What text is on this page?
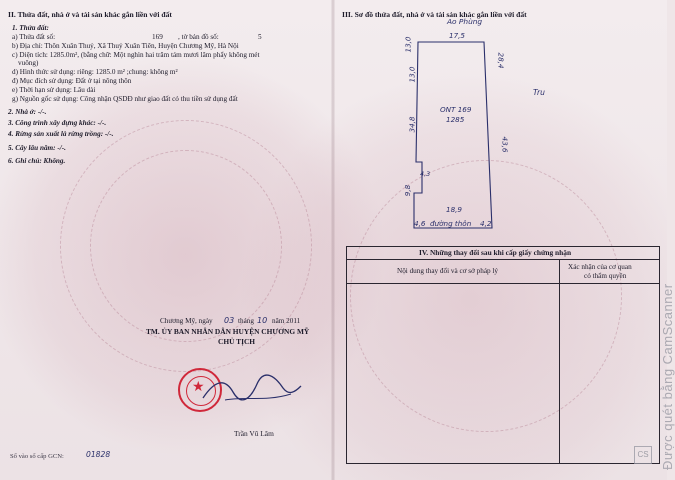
II. Thửa đất, nhà ở và tài sản khác gắn liền với đất
1. Thửa đất:
a) Thửa đất số:	169 , tờ bản đồ số:	5
b) Địa chỉ: Thôn Xuân Thuỷ, Xã Thuỷ Xuân Tiên, Huyện Chương Mỹ, Hà Nội
c) Diện tích: 1285.0m², (bằng chữ: Một nghìn hai trăm tám mươi lăm phẩy không mét
vuông)
d) Hình thức sử dụng: riêng: 1285.0 m² ;chung: không m²
đ) Mục đích sử dụng: Đất ở tại nông thôn
e) Thời hạn sử dụng: Lâu dài
g) Nguồn gốc sử dụng: Công nhận QSDĐ như giao đất có thu tiền sử dụng đất
2. Nhà ở: -/-.
3. Công trình xây dựng khác: -/-.
4. Rừng sản xuất là rừng trồng: -/-.
5. Cây lâu năm: -/-.
6. Ghi chú: Không.
Chương Mỹ, ngày 03 tháng 10 năm 2011
TM. ỦY BAN NHÂN DÂN HUYỆN CHƯƠNG MỸ
CHỦ TỊCH
★
Trần Vũ Lâm
Số vào sổ cấp GCN:	01828
III. Sơ đồ thửa đất, nhà ở và tài sản khác gắn liền với đất
Ao Phùng
17,5
13,0
13,0
28,4
Tru
34,8
43,6
ONT 169
1285
4,3
9,8
18,9
4,6 đường thôn 4,2
IV. Những thay đổi sau khi cấp giấy chứng nhận
Nội dung thay đổi và cơ sở pháp lý	Xác nhận của cơ quan
có thẩm quyền
Được quét bằng CamScanner
CS
